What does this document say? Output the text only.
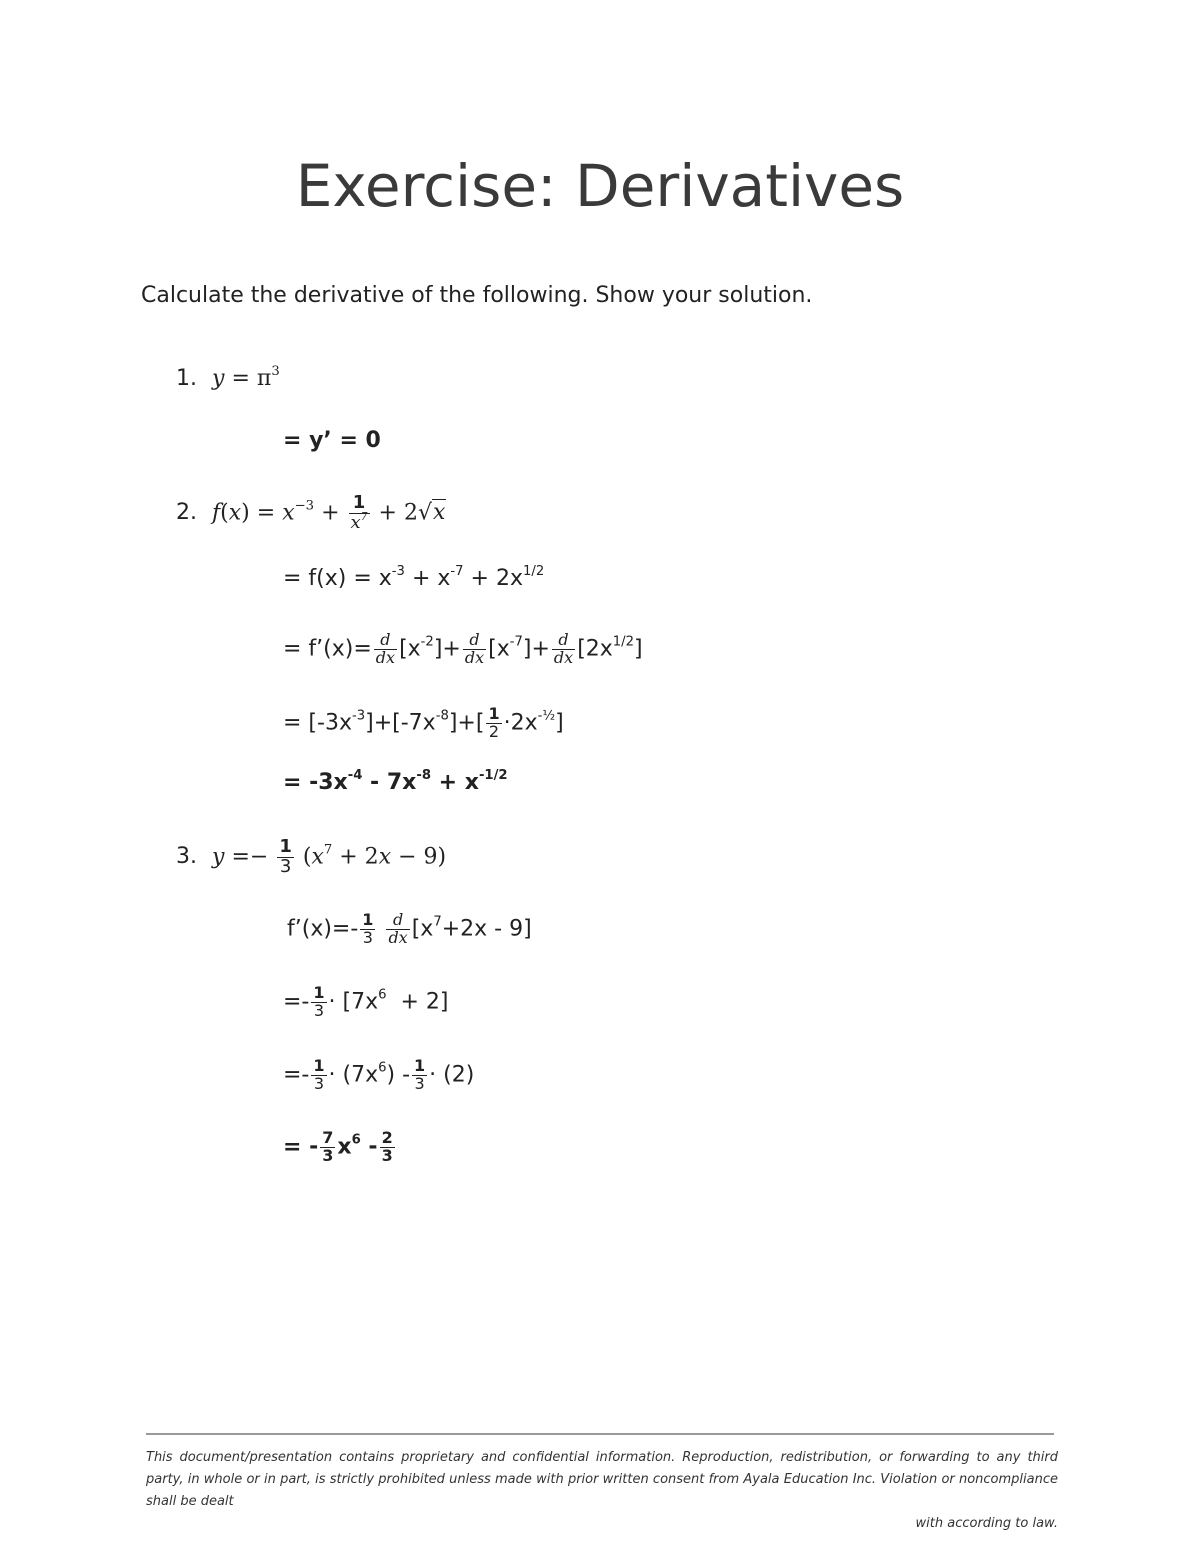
Exercise: Derivatives
Calculate the derivative of the following. Show your solution.
1. $y = \pi^3$
= y’ = 0
2. $f(x) = x^{-3} + \frac{1}{x^7} + 2√x$
= $f(x) = x^{-3} + x^{-7} + 2x^{1/2}$
= f’(x)= $\frac{d}{dx} [x^{-2}]+ \frac{d}{dx} [x^{-7}]+ \frac{d}{dx} [2x^{1/2}]$
= $[-3x^{-3}]+[-7x^{-8}]+[ \frac{1}{2} \cdot 2x^{-\frac{1}{2}}]$
= $-3x^{-4} - 7x^{-8} + x^{-1/2}$
3. $y =- \frac{1}{3} (x^7 + 2x - 9)$
f’(x)=- $\frac{1}{3}$
$\frac{d}{dx} [x^7+2x - 9]$
=- $\frac{1}{3} \cdot [7x^6 + 2]$
=- $\frac{1}{3} \cdot (7x^6) - \frac{1}{3} \cdot (2)$
= - $\frac{7}{3} x^6 - \frac{2}{3}$
This document/presentation contains proprietary and confidential information. Reproduction, redistribution, or forwarding to any third party, in whole or in part, is strictly prohibited unless made with prior written consent from Ayala Education Inc. Violation or noncompliance shall be dealt
with according to law.
